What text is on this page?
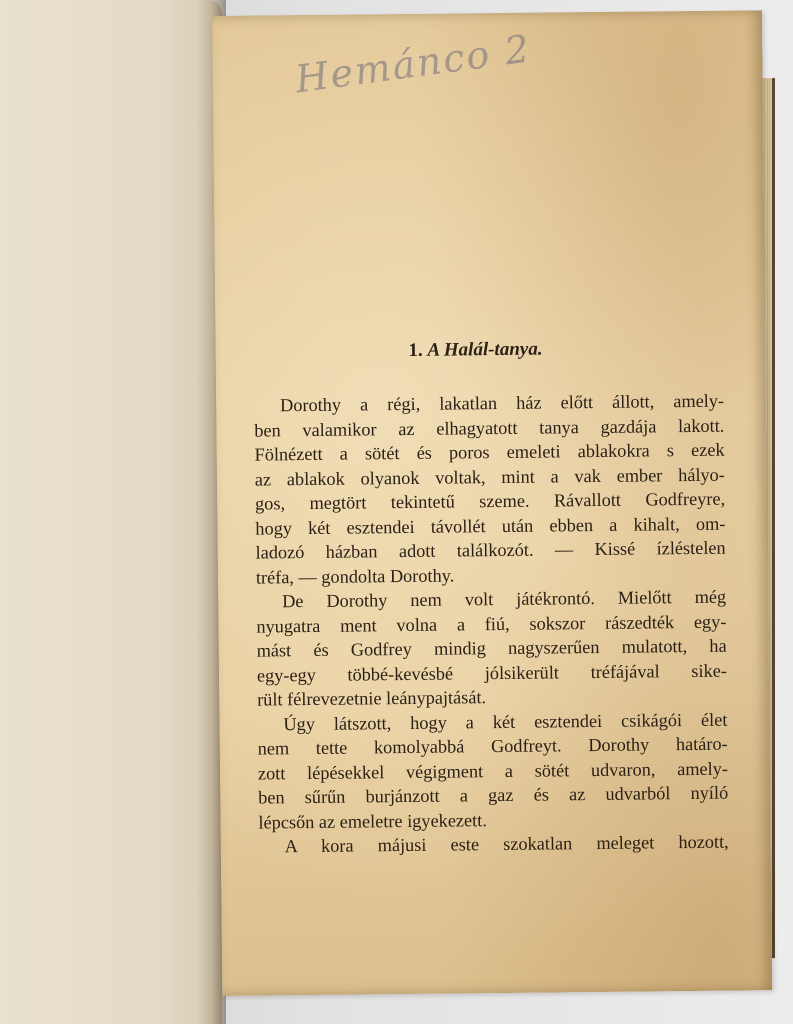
Hemánco 2

1. A Halál-tanya.
Dorothy a régi, lakatlan ház előtt állott, amely-
ben valamikor az elhagyatott tanya gazdája lakott.
Fölnézett a sötét és poros emeleti ablakokra s ezek
az ablakok olyanok voltak, mint a vak ember hályo-
gos, megtört tekintetű szeme. Rávallott Godfreyre,
hogy két esztendei távollét után ebben a kihalt, om-
ladozó házban adott találkozót. — Kissé ízléstelen
tréfa, — gondolta Dorothy.
De Dorothy nem volt játékrontó. Mielőtt még
nyugatra ment volna a fiú, sokszor rászedték egy-
mást és Godfrey mindig nagyszerűen mulatott, ha
egy-egy többé-kevésbé jólsikerült tréfájával sike-
rült félrevezetnie leánypajtását.
Úgy látszott, hogy a két esztendei csikágói élet
nem tette komolyabbá Godfreyt. Dorothy határo-
zott lépésekkel végigment a sötét udvaron, amely-
ben sűrűn burjánzott a gaz és az udvarból nyíló
lépcsőn az emeletre igyekezett.
A kora májusi este szokatlan meleget hozott,
